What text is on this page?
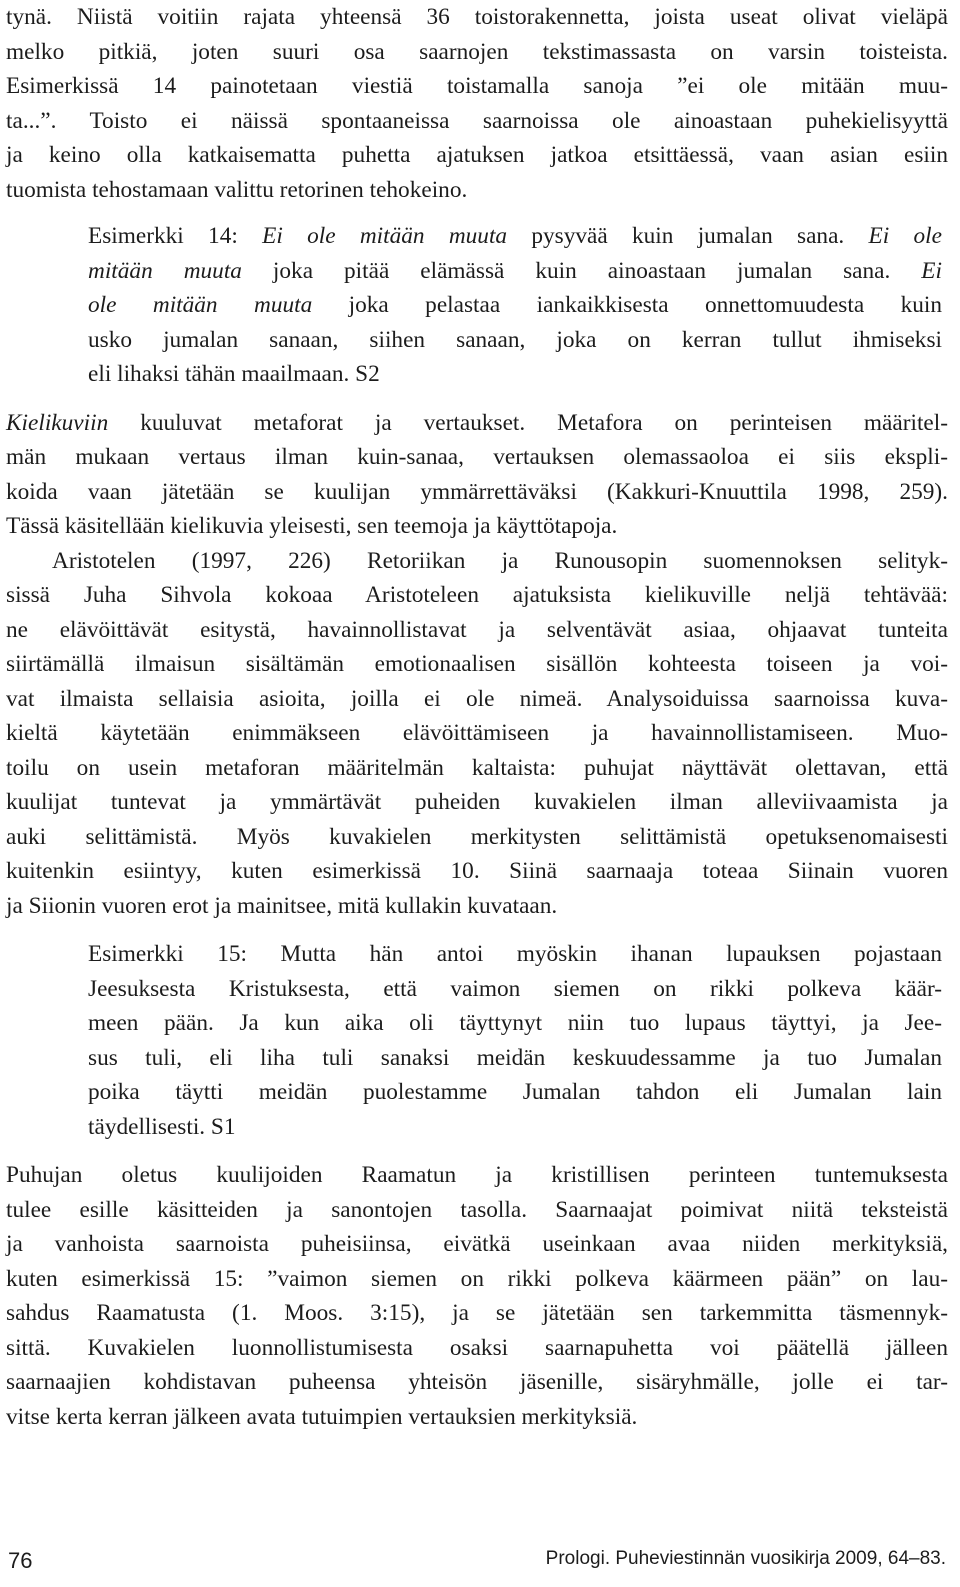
tynä. Niistä voitiin rajata yhteensä 36 toistorakennetta, joista useat olivat vieläpä
melko pitkiä, joten suuri osa saarnojen tekstimassasta on varsin toisteista.
Esimerkissä 14 painotetaan viestiä toistamalla sanoja ”ei ole mitään muu-
ta...”. Toisto ei näissä spontaaneissa saarnoissa ole ainoastaan puhekielisyyttä
ja keino olla katkaisematta puhetta ajatuksen jatkoa etsittäessä, vaan asian esiin
tuomista tehostamaan valittu retorinen tehokeino.
Esimerkki 14: Ei ole mitään muuta pysyvää kuin jumalan sana. Ei ole
mitään muuta joka pitää elämässä kuin ainoastaan jumalan sana. Ei
ole mitään muuta joka pelastaa iankaikkisesta onnettomuudesta kuin
usko jumalan sanaan, siihen sanaan, joka on kerran tullut ihmiseksi
eli lihaksi tähän maailmaan. S2
Kielikuviin kuuluvat metaforat ja vertaukset. Metafora on perinteisen määritel-
män mukaan vertaus ilman kuin-sanaa, vertauksen olemassaoloa ei siis ekspli-
koida vaan jätetään se kuulijan ymmärrettäväksi (Kakkuri-Knuuttila 1998, 259).
Tässä käsitellään kielikuvia yleisesti, sen teemoja ja käyttötapoja.
Aristotelen (1997, 226) Retoriikan ja Runousopin suomennoksen selityk-
sissä Juha Sihvola kokoaa Aristoteleen ajatuksista kielikuville neljä tehtävää:
ne elävöittävät esitystä, havainnollistavat ja selventävät asiaa, ohjaavat tunteita
siirtämällä ilmaisun sisältämän emotionaalisen sisällön kohteesta toiseen ja voi-
vat ilmaista sellaisia asioita, joilla ei ole nimeä. Analysoiduissa saarnoissa kuva-
kieltä käytetään enimmäkseen elävöittämiseen ja havainnollistamiseen. Muo-
toilu on usein metaforan määritelmän kaltaista: puhujat näyttävät olettavan, että
kuulijat tuntevat ja ymmärtävät puheiden kuvakielen ilman alleviivaamista ja
auki selittämistä. Myös kuvakielen merkitysten selittämistä opetuksenomaisesti
kuitenkin esiintyy, kuten esimerkissä 10. Siinä saarnaaja toteaa Siinain vuoren
ja Siionin vuoren erot ja mainitsee, mitä kullakin kuvataan.
Esimerkki 15: Mutta hän antoi myöskin ihanan lupauksen pojastaan
Jeesuksesta Kristuksesta, että vaimon siemen on rikki polkeva käär-
meen pään. Ja kun aika oli täyttynyt niin tuo lupaus täyttyi, ja Jee-
sus tuli, eli liha tuli sanaksi meidän keskuudessamme ja tuo Jumalan
poika täytti meidän puolestamme Jumalan tahdon eli Jumalan lain
täydellisesti. S1
Puhujan oletus kuulijoiden Raamatun ja kristillisen perinteen tuntemuksesta
tulee esille käsitteiden ja sanontojen tasolla. Saarnaajat poimivat niitä teksteistä
ja vanhoista saarnoista puheisiinsa, eivätkä useinkaan avaa niiden merkityksiä,
kuten esimerkissä 15: ”vaimon siemen on rikki polkeva käärmeen pään” on lau-
sahdus Raamatusta (1. Moos. 3:15), ja se jätetään sen tarkemmitta täsmennyk-
sittä. Kuvakielen luonnollistumisesta osaksi saarnapuhetta voi päätellä jälleen
saarnaajien kohdistavan puheensa yhteisön jäsenille, sisäryhmälle, jolle ei tar-
vitse kerta kerran jälkeen avata tutuimpien vertauksien merkityksiä.
76	Prologi. Puheviestinnän vuosikirja 2009, 64–83.
